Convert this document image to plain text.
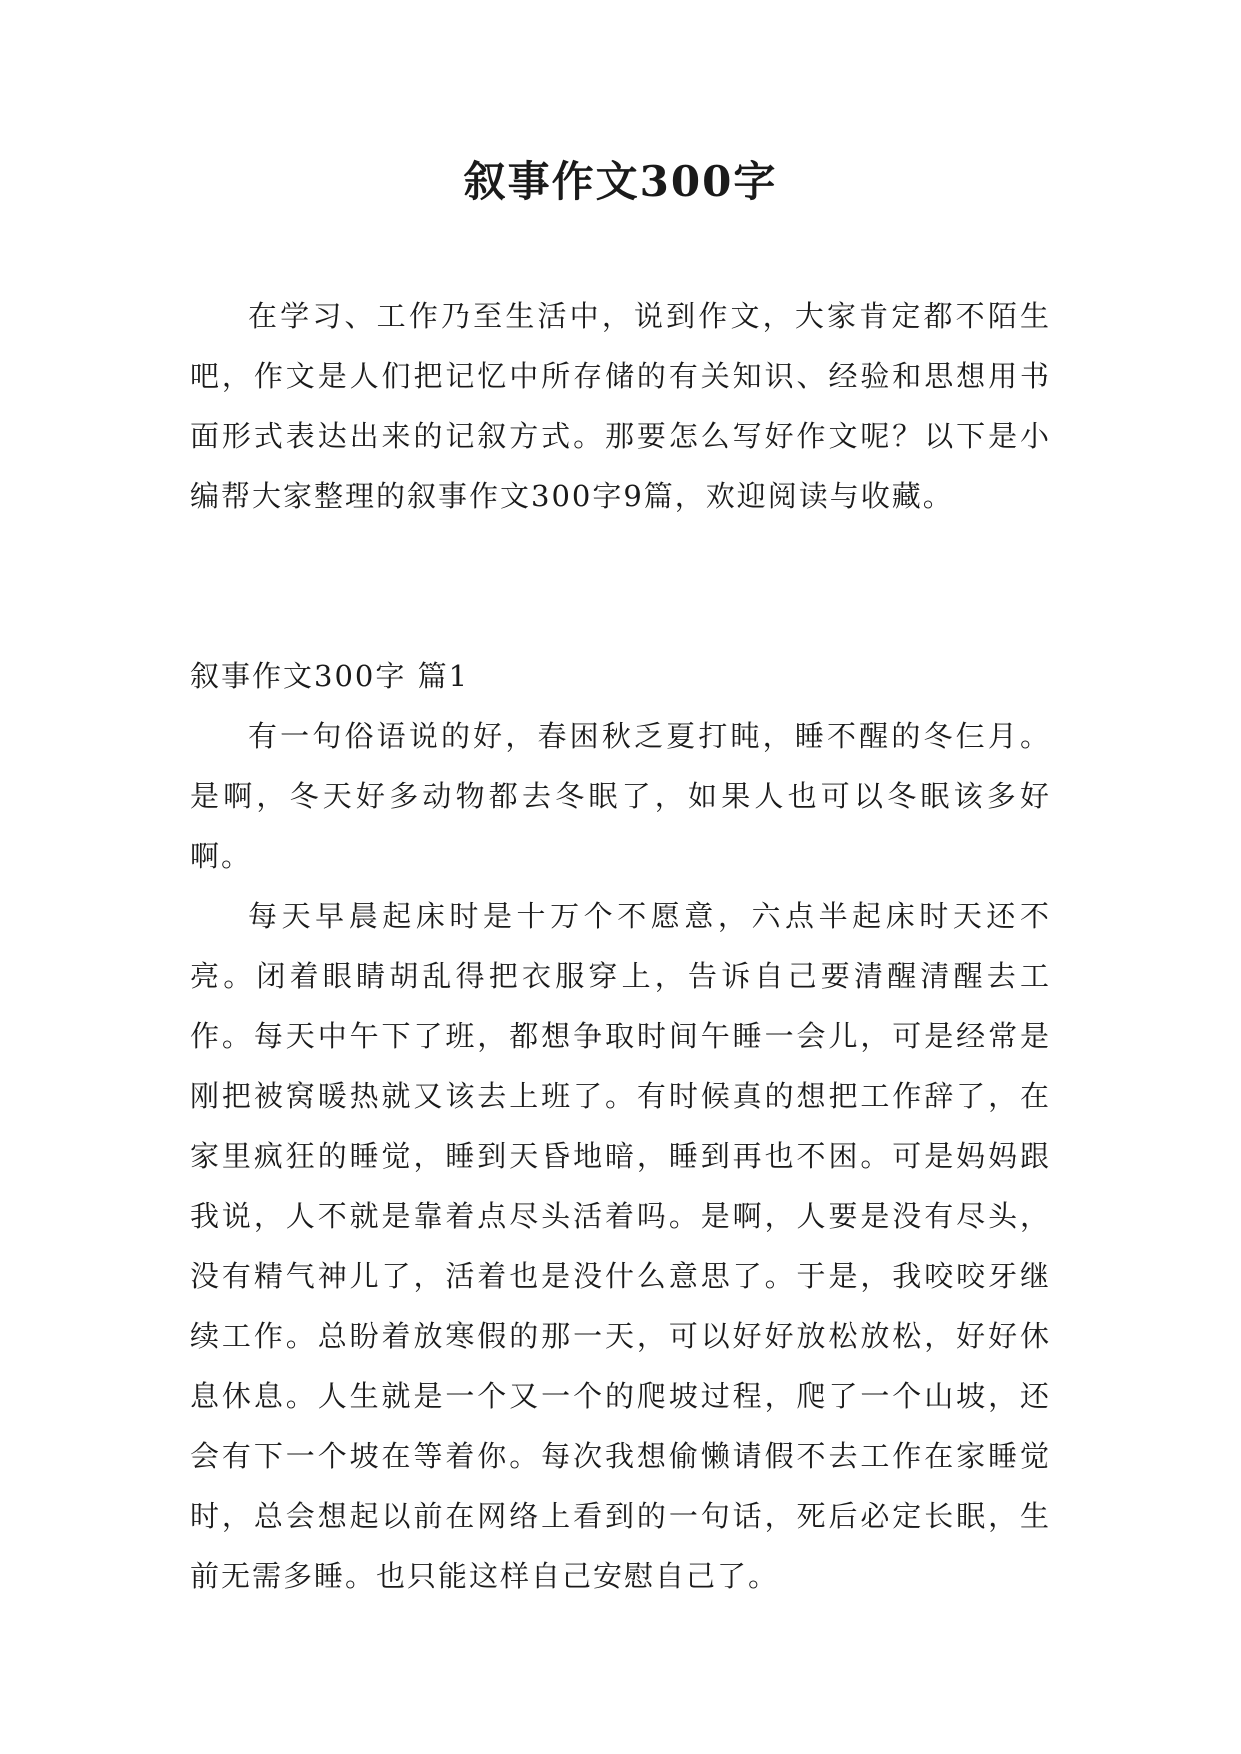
叙事作文300字

在学习、工作乃至生活中，说到作文，大家肯定都不陌生吧，作文是人们把记忆中所存储的有关知识、经验和思想用书面形式表达出来的记叙方式。那要怎么写好作文呢？以下是小编帮大家整理的叙事作文300字9篇，欢迎阅读与收藏。

叙事作文300字 篇1

有一句俗语说的好，春困秋乏夏打盹，睡不醒的冬仨月。是啊，冬天好多动物都去冬眠了，如果人也可以冬眠该多好啊。

每天早晨起床时是十万个不愿意，六点半起床时天还不亮。闭着眼睛胡乱得把衣服穿上，告诉自己要清醒清醒去工作。每天中午下了班，都想争取时间午睡一会儿，可是经常是刚把被窝暖热就又该去上班了。有时候真的想把工作辞了，在家里疯狂的睡觉，睡到天昏地暗，睡到再也不困。可是妈妈跟我说，人不就是靠着点尽头活着吗。是啊，人要是没有尽头，没有精气神儿了，活着也是没什么意思了。于是，我咬咬牙继续工作。总盼着放寒假的那一天，可以好好放松放松，好好休息休息。人生就是一个又一个的爬坡过程，爬了一个山坡，还会有下一个坡在等着你。每次我想偷懒请假不去工作在家睡觉时，总会想起以前在网络上看到的一句话，死后必定长眠，生前无需多睡。也只能这样自己安慰自己了。
